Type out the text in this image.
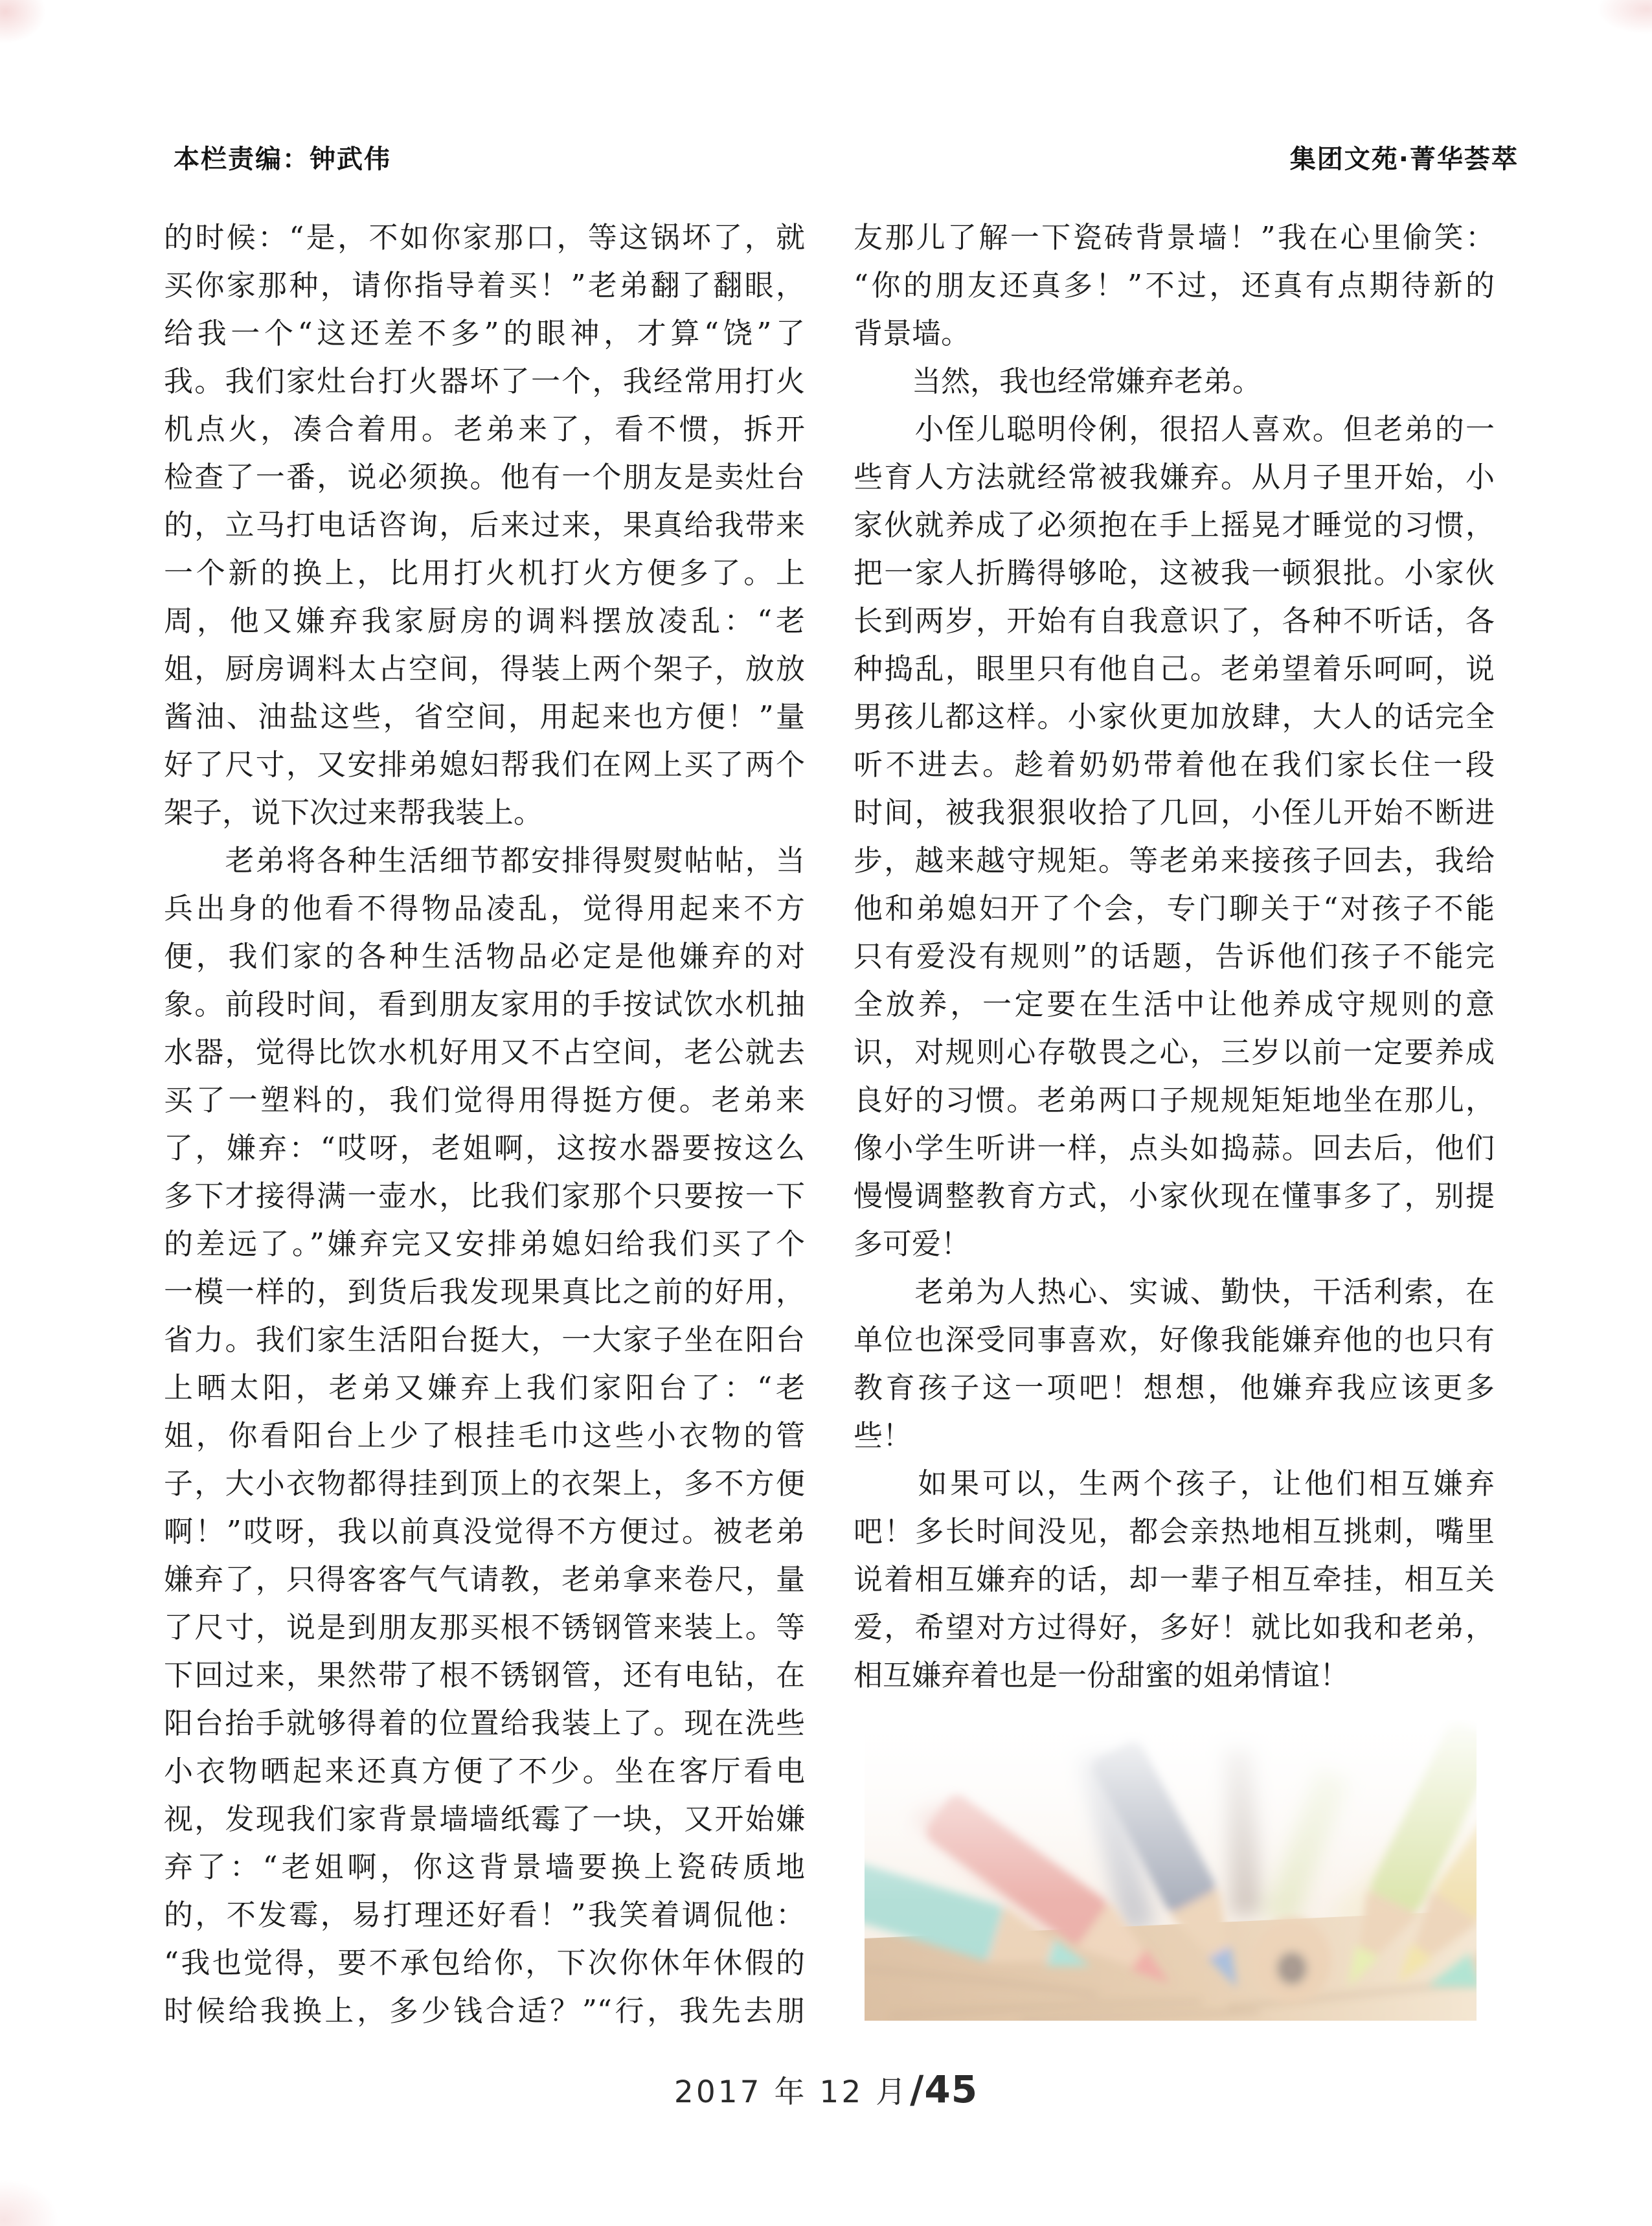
本栏责编：钟武伟	集团文苑·菁华荟萃
的时候：“是，不如你家那口，等这锅坏了，就
买你家那种，请你指导着买！”老弟翻了翻眼，
给我一个“这还差不多”的眼神，才算“饶”了
我。我们家灶台打火器坏了一个，我经常用打火
机点火，凑合着用。老弟来了，看不惯，拆开
检查了一番，说必须换。他有一个朋友是卖灶台
的，立马打电话咨询，后来过来，果真给我带来
一个新的换上，比用打火机打火方便多了。上
周，他又嫌弃我家厨房的调料摆放凌乱：“老
姐，厨房调料太占空间，得装上两个架子，放放
酱油、油盐这些，省空间，用起来也方便！”量
好了尺寸，又安排弟媳妇帮我们在网上买了两个
架子，说下次过来帮我装上。
　　老弟将各种生活细节都安排得熨熨帖帖，当
兵出身的他看不得物品凌乱，觉得用起来不方
便，我们家的各种生活物品必定是他嫌弃的对
象。前段时间，看到朋友家用的手按试饮水机抽
水器，觉得比饮水机好用又不占空间，老公就去
买了一塑料的，我们觉得用得挺方便。老弟来
了，嫌弃：“哎呀，老姐啊，这按水器要按这么
多下才接得满一壶水，比我们家那个只要按一下
的差远了。”嫌弃完又安排弟媳妇给我们买了个
一模一样的，到货后我发现果真比之前的好用，
省力。我们家生活阳台挺大，一大家子坐在阳台
上晒太阳，老弟又嫌弃上我们家阳台了：“老
姐，你看阳台上少了根挂毛巾这些小衣物的管
子，大小衣物都得挂到顶上的衣架上，多不方便
啊！”哎呀，我以前真没觉得不方便过。被老弟
嫌弃了，只得客客气气请教，老弟拿来卷尺，量
了尺寸，说是到朋友那买根不锈钢管来装上。等
下回过来，果然带了根不锈钢管，还有电钻，在
阳台抬手就够得着的位置给我装上了。现在洗些
小衣物晒起来还真方便了不少。坐在客厅看电
视，发现我们家背景墙墙纸霉了一块，又开始嫌
弃了：“老姐啊，你这背景墙要换上瓷砖质地
的，不发霉，易打理还好看！”我笑着调侃他：
“我也觉得，要不承包给你，下次你休年休假的
时候给我换上，多少钱合适？”“行，我先去朋
友那儿了解一下瓷砖背景墙！”我在心里偷笑：
“你的朋友还真多！”不过，还真有点期待新的
背景墙。
　　当然，我也经常嫌弃老弟。
　　小侄儿聪明伶俐，很招人喜欢。但老弟的一
些育人方法就经常被我嫌弃。从月子里开始，小
家伙就养成了必须抱在手上摇晃才睡觉的习惯，
把一家人折腾得够呛，这被我一顿狠批。小家伙
长到两岁，开始有自我意识了，各种不听话，各
种捣乱，眼里只有他自己。老弟望着乐呵呵，说
男孩儿都这样。小家伙更加放肆，大人的话完全
听不进去。趁着奶奶带着他在我们家长住一段
时间，被我狠狠收拾了几回，小侄儿开始不断进
步，越来越守规矩。等老弟来接孩子回去，我给
他和弟媳妇开了个会，专门聊关于“对孩子不能
只有爱没有规则”的话题，告诉他们孩子不能完
全放养，一定要在生活中让他养成守规则的意
识，对规则心存敬畏之心，三岁以前一定要养成
良好的习惯。老弟两口子规规矩矩地坐在那儿，
像小学生听讲一样，点头如捣蒜。回去后，他们
慢慢调整教育方式，小家伙现在懂事多了，别提
多可爱！
　　老弟为人热心、实诚、勤快，干活利索，在
单位也深受同事喜欢，好像我能嫌弃他的也只有
教育孩子这一项吧！想想，他嫌弃我应该更多
些！
　　如果可以，生两个孩子，让他们相互嫌弃
吧！多长时间没见，都会亲热地相互挑刺，嘴里
说着相互嫌弃的话，却一辈子相互牵挂，相互关
爱，希望对方过得好，多好！就比如我和老弟，
相互嫌弃着也是一份甜蜜的姐弟情谊！
2017 年 12 月/45
